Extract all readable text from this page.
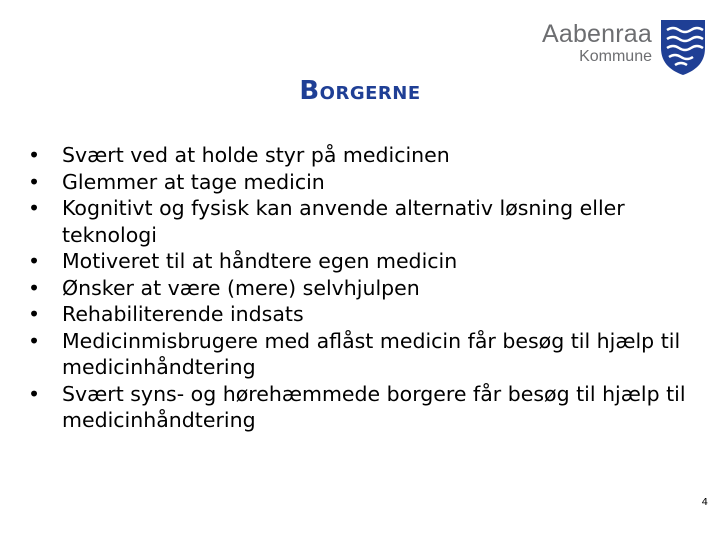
Aabenraa
Kommune
Borgerne
• Svært ved at holde styr på medicinen
• Glemmer at tage medicin
• Kognitivt og fysisk kan anvende alternativ løsning eller teknologi
• Motiveret til at håndtere egen medicin
• Ønsker at være (mere) selvhjulpen
• Rehabiliterende indsats
• Medicinmisbrugere med aflåst medicin får besøg til hjælp til medicinhåndtering
• Svært syns- og hørehæmmede borgere får besøg til hjælp til medicinhåndtering
4
